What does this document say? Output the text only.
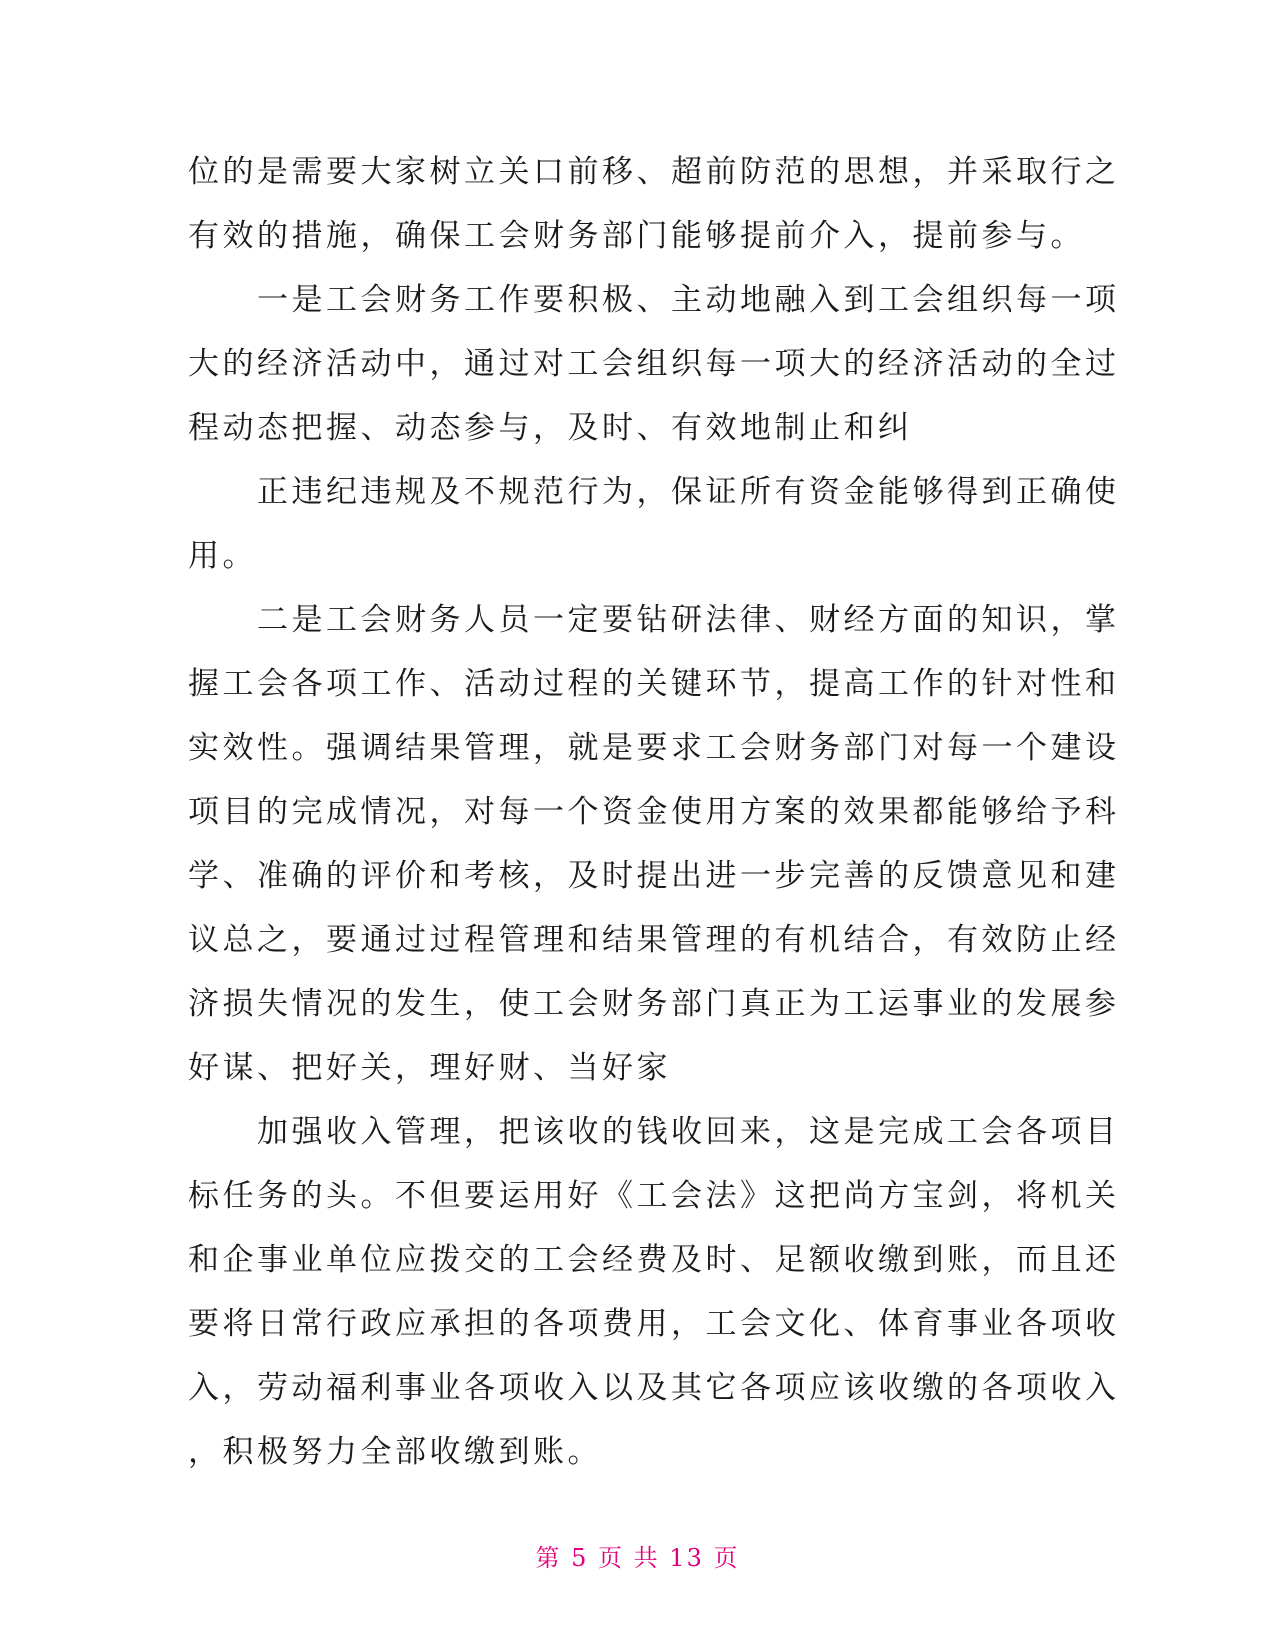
位的是需要大家树立关口前移、超前防范的思想，并采取行之
有效的措施，确保工会财务部门能够提前介入，提前参与。
　　一是工会财务工作要积极、主动地融入到工会组织每一项
大的经济活动中，通过对工会组织每一项大的经济活动的全过
程动态把握、动态参与，及时、有效地制止和纠
　　正违纪违规及不规范行为，保证所有资金能够得到正确使
用。
　　二是工会财务人员一定要钻研法律、财经方面的知识，掌
握工会各项工作、活动过程的关键环节，提高工作的针对性和
实效性。强调结果管理，就是要求工会财务部门对每一个建设
项目的完成情况，对每一个资金使用方案的效果都能够给予科
学、准确的评价和考核，及时提出进一步完善的反馈意见和建
议总之，要通过过程管理和结果管理的有机结合，有效防止经
济损失情况的发生，使工会财务部门真正为工运事业的发展参
好谋、把好关，理好财、当好家
　　加强收入管理，把该收的钱收回来，这是完成工会各项目
标任务的头。不但要运用好《工会法》这把尚方宝剑，将机关
和企事业单位应拨交的工会经费及时、足额收缴到账，而且还
要将日常行政应承担的各项费用，工会文化、体育事业各项收
入，劳动福利事业各项收入以及其它各项应该收缴的各项收入
，积极努力全部收缴到账。
第 5 页 共 13 页
